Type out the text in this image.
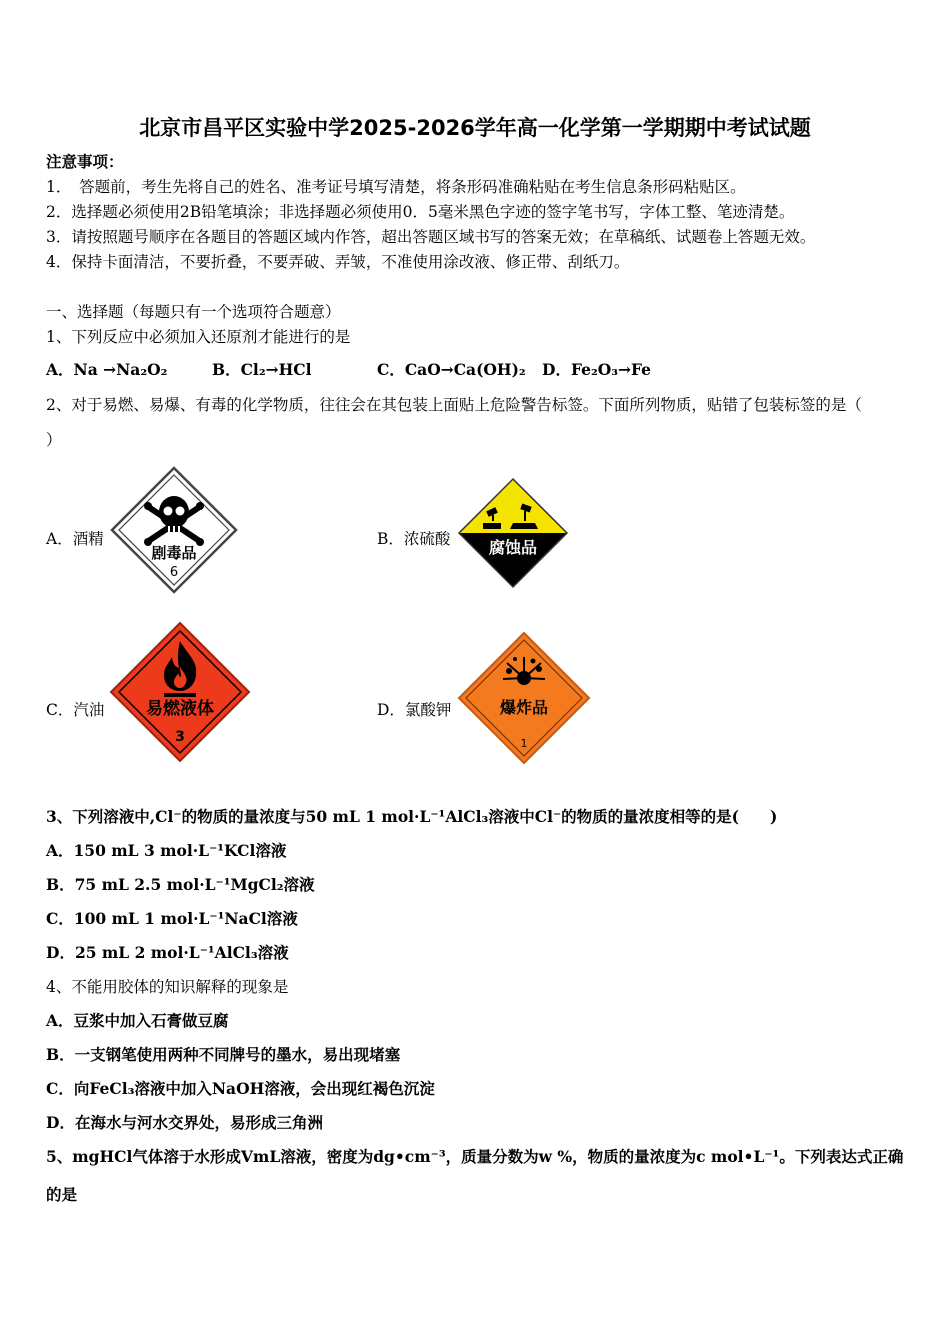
北京市昌平区实验中学2025-2026学年高一化学第一学期期中考试试题
注意事项：
1．　答题前，考生先将自己的姓名、准考证号填写清楚，将条形码准确粘贴在考生信息条形码粘贴区。
2．选择题必须使用2B铅笔填涂；非选择题必须使用0．5毫米黑色字迹的签字笔书写，字体工整、笔迹清楚。
3．请按照题号顺序在各题目的答题区域内作答，超出答题区域书写的答案无效；在草稿纸、试题卷上答题无效。
4．保持卡面清洁，不要折叠，不要弄破、弄皱，不准使用涂改液、修正带、刮纸刀。
一、选择题（每题只有一个选项符合题意）
1、下列反应中必须加入还原剂才能进行的是
A．Na →Na₂O₂	B．Cl₂→HCl	C．CaO→Ca(OH)₂ D．Fe₂O₃→Fe
2、对于易燃、易爆、有毒的化学物质，往往会在其包装上面贴上危险警告标签。下面所列物质，贴错了包装标签的是（
）
A．酒精
剧毒品
6
B．浓硫酸 腐蚀品
C．汽油 易燃液体
3
D．氯酸钾	爆炸品
1
3、下列溶液中,Cl⁻的物质的量浓度与50 mL 1 mol·L⁻¹AlCl₃溶液中Cl⁻的物质的量浓度相等的是(　　)
A．150 mL 3 mol·L⁻¹KCl溶液
B．75 mL 2.5 mol·L⁻¹MgCl₂溶液
C．100 mL 1 mol·L⁻¹NaCl溶液
D．25 mL 2 mol·L⁻¹AlCl₃溶液
4、不能用胶体的知识解释的现象是
A．豆浆中加入石膏做豆腐
B．一支钢笔使用两种不同牌号的墨水，易出现堵塞
C．向FeCl₃溶液中加入NaOH溶液，会出现红褐色沉淀
D．在海水与河水交界处，易形成三角洲
5、mgHCl气体溶于水形成VmL溶液，密度为dg•cm⁻³，质量分数为w %，物质的量浓度为c mol•L⁻¹。下列表达式正确
的是
